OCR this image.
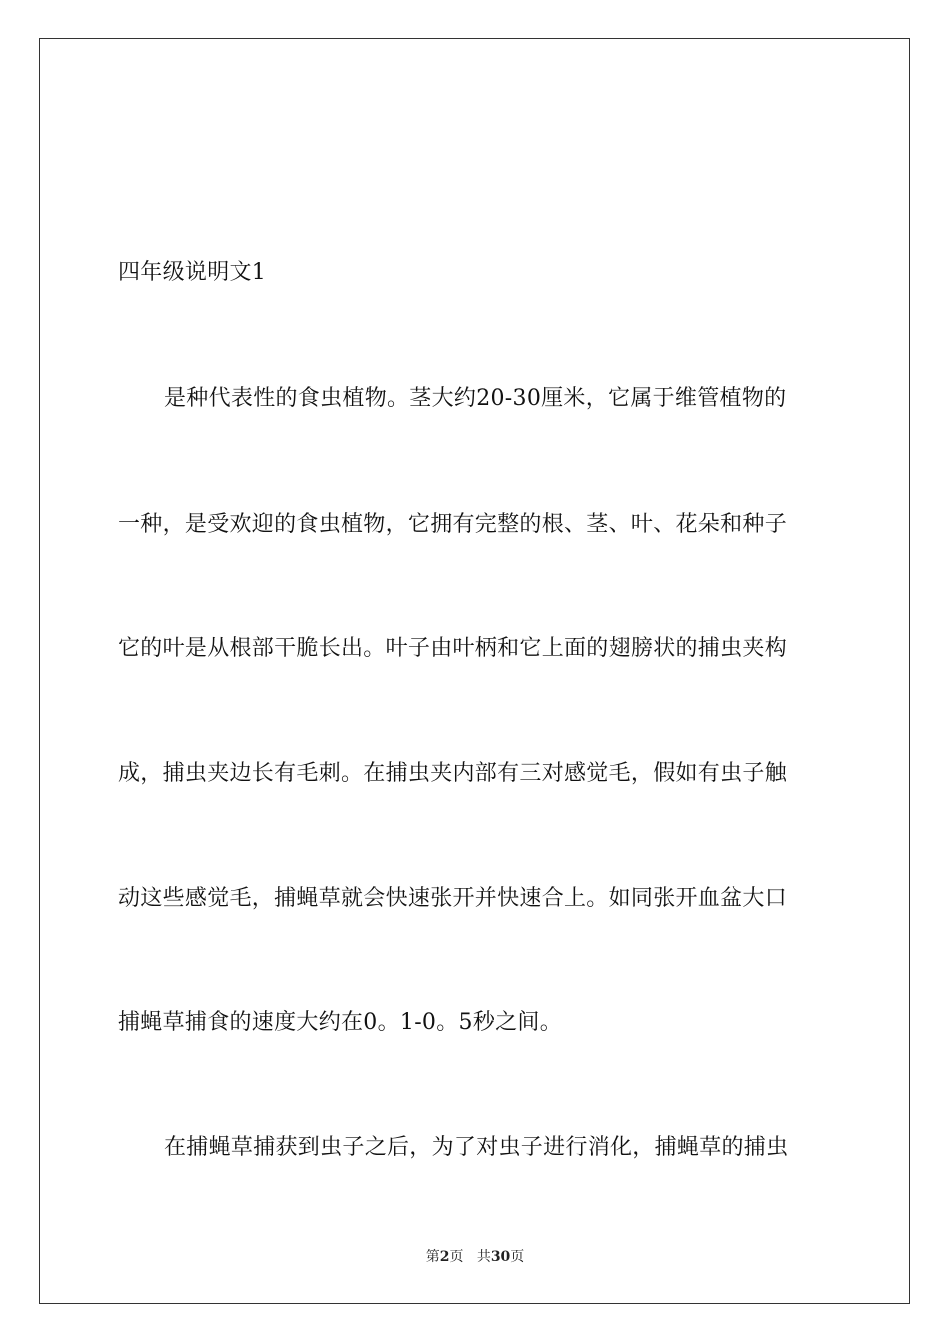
四年级说明文1
是种代表性的食虫植物。茎大约20-30厘米，它属于维管植物的
一种，是受欢迎的食虫植物，它拥有完整的根、茎、叶、花朵和种子
它的叶是从根部干脆长出。叶子由叶柄和它上面的翅膀状的捕虫夹构
成，捕虫夹边长有毛刺。在捕虫夹内部有三对感觉毛，假如有虫子触
动这些感觉毛，捕蝇草就会快速张开并快速合上。如同张开血盆大口
捕蝇草捕食的速度大约在0。1-0。5秒之间。
在捕蝇草捕获到虫子之后，为了对虫子进行消化，捕蝇草的捕虫
第2页 共30页
